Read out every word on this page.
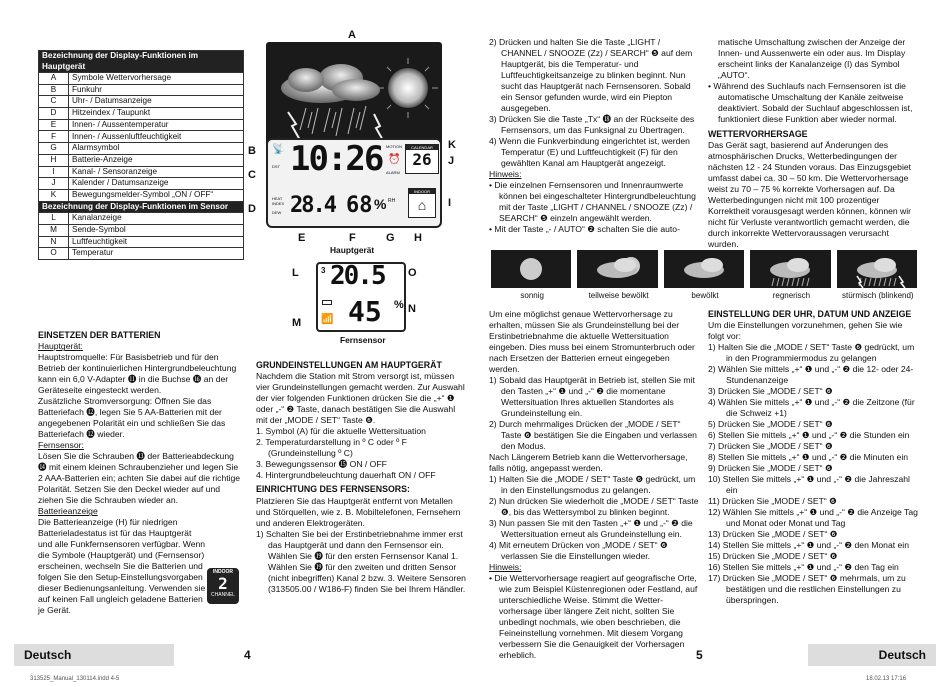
Bezeichnung der Display-Funktionen im Hauptgerät	
A	Symbole Wettervorhersage
B	Funkuhr
C	Uhr- / Datumsanzeige
D	Hitzeindex / Taupunkt
E	Innen- / Aussentemperatur
F	Innen- / Aussenluftfeuchtigkeit
G	Alarmsymbol
H	Batterie-Anzeige
I	Kanal- / Sensoranzeige
J	Kalender / Datumsanzeige
K	Bewegungsmelder-Symbol „ON / OFF“
Bezeichnung der Display-Funktionen im Sensor	
L	Kanalanzeige
M	Sende-Symbol
N	Luftfeuchtigkeit
O	Temperatur
A
📡
DST 10:26 MOTION
⏰
ALARM
CALENDAR
26
HEAT INDEX
DEW 28.4 68 % RH
INDOOR
⌂
B
C
D
K
J
I
E	F	G H
Hauptgerät
L	O
N
M
3 20.5
📶 45 %
Fernsensor
EINSETZEN DER BATTERIEN

Hauptgerät:

Hauptstromquelle: Für Basisbetrieb und für den Betrieb der kontinuierlichen Hintergrundbeleuchtung kann ein 6,0 V-Adapter ⓫ in die Buchse ⓰ an der Geräteseite eingesteckt werden.

Zusätzliche Stromversorgung: Öffnen Sie das Batteriefach ⓬, legen Sie 5 AA-Batterien mit der angegebenen Polarität ein und schließen Sie das Batteriefach ⓬ wieder.

Fernsensor:

Lösen Sie die Schrauben ⓭ der Batterieabdeckung ⓮ mit einem kleinen Schraubenzieher und legen Sie 2 AAA-Batterien ein; achten Sie dabei auf die richtige Polarität. Setzen Sie den Deckel wieder auf und ziehen Sie die Schrauben wieder an.

Batterieanzeige

Die Batterieanzeige (H) für niedrigen Batterieladestatus ist für das Hauptgerät und alle Funkfernsensoren verfügbar. Wenn die Symbole (Hauptgerät) und (Fernsensor) erscheinen, wechseln Sie die Batterien und folgen Sie den Setup-Einstellungsvorgaben dieser Bedienungsanleitung. Verwenden sie auf keinen Fall ungleich geladene Batterien je Gerät.

INDOOR
2
CHANNEL
GRUNDEINSTELLUNGEN AM HAUPTGERÄT

Nachdem die Station mit Strom versorgt ist, müssen vier Grundeinstellungen gemacht werden. Zur Auswahl der vier folgenden Funktionen drücken Sie die „+“ ❶ oder „-“ ❷ Taste, danach bestätigen Sie die Auswahl mit der „MODE / SET“ Taste ❻.

1. Symbol (A) für die aktuelle Wettersituation

2. Temperaturdarstellung in º C oder º F (Grundeinstellung º C)

3. Bewegungssensor ⓯ ON / OFF

4. Hintergrundbeleuchtung dauerhaft ON / OFF

EINRICHTUNG DES FERNSENSORS:

Platzieren Sie das Hauptgerät entfernt von Metallen und Störquellen, wie z. B. Mobiltelefonen, Fernsehern und anderen Elektrogeräten.

1) Schalten Sie bei der Erstinbetriebnahme immer erst das Hauptgerät und dann den Fernsensor ein. Wählen Sie ⓳ für den ersten Fernsensor Kanal 1. Wählen Sie ⓳ für den zweiten und dritten Sensor (nicht inbegriffen) Kanal 2 bzw. 3. Weitere Sensoren (313505.00 / W186-F) finden Sie bei Ihrem Händler.

Deutsch	4
313525_Manual_130114.indd 4-5

2) Drücken und halten Sie die Taste „LIGHT / CHANNEL / SNOOZE (Zz) / SEARCH“ ❺ auf dem Hauptgerät, bis die Temperatur- und Luftfeuchtigkeitsanzeige zu blinken beginnt. Nun sucht das Hauptgerät nach Fernsensoren. Sobald ein Sensor gefunden wurde, wird ein Piepton ausgegeben.

3) Drücken Sie die Taste „Tx“ ⓲ an der Rückseite des Fernsensors, um das Funksignal zu Übertragen.

4) Wenn die Funkverbindung eingerichtet ist, werden Temperatur (E) und Luftfeuchtigkeit (F) für den gewählten Kanal am Hauptgerät angezeigt.

Hinweis:

• Die einzelnen Fernsensoren und Innenraumwerte können bei eingeschalteter Hintergrundbeleuchtung mit der Taste „LIGHT / CHANNEL / SNOOZE (Zz) / SEARCH“ ❺ einzeln angewählt werden.

• Mit der Taste „- / AUTO“ ❷ schalten Sie die auto-

matische Umschaltung zwischen der Anzeige der Innen- und Aussenwerte ein oder aus. Im Display erscheint links der Kanalanzeige (I) das Symbol „AUTO“.

• Während des Suchlaufs nach Fernsensoren ist die automatische Umschaltung der Kanäle zeitweise deaktiviert. Sobald der Suchlauf abgeschlossen ist, funktioniert diese Funktion aber wieder normal.

WETTERVORHERSAGE

Das Gerät sagt, basierend auf Änderungen des atmosphärischen Drucks, Wetterbedingungen der nächsten 12 - 24 Stunden voraus. Das Einzugsgebiet umfasst dabei ca. 30 – 50 km. Die Wettervorhersage weist zu 70 – 75 % korrekte Vorhersagen auf. Da Wetterbedingungen nicht mit 100 prozentiger Korrektheit vorausgesagt werden können, können wir nicht für Verluste verantwortlich gemacht werden, die durch inkorrekte Wettervoraussagen verursacht wurden.

sonnig	teilweise bewölkt	bewölkt	regnerisch	stürmisch (blinkend)

Um eine möglichst genaue Wettervorhersage zu erhalten, müssen Sie als Grundeinstellung bei der Erstinbetriebnahme die aktuelle Wettersituation eingeben. Dies muss bei einem Stromunterbruch oder nach Ersetzen der Batterien erneut eingegeben werden.

1) Sobald das Hauptgerät in Betrieb ist, stellen Sie mit den Tasten „+“ ❶ und „-“ ❷ die momentane Wettersituation Ihres aktuellen Standortes als Grundeinstellung ein.

2) Durch mehrmaliges Drücken der „MODE / SET“ Taste ❻ bestätigen Sie die Eingaben und verlassen den Modus.

Nach Längerem Betrieb kann die Wettervorhersage, falls nötig, angepasst werden.

1) Halten Sie die „MODE / SET“ Taste ❻ gedrückt, um in den Einstellungsmodus zu gelangen.

2) Nun drücken Sie wiederholt die „MODE / SET“ Taste ❻, bis das Wettersymbol zu blinken beginnt.

3) Nun passen Sie mit den Tasten „+“ ❶ und „-“ ❷ die Wettersituation erneut als Grundeinstellung ein.

4) Mit erneutem Drücken von „MODE / SET“ ❻ verlassen Sie die Einstellungen wieder.

Hinweis:

• Die Wettervorhersage reagiert auf geografische Orte, wie zum Beispiel Küstenregionen oder Festland, auf unterschiedliche Weise. Stimmt die Wetter- vorhersage über längere Zeit nicht, sollten Sie unbedingt nochmals, wie oben beschrieben, die Feineinstellung vornehmen. Mit diesem Vorgang verbessern Sie die Genauigkeit der Vorhersagen erheblich.

EINSTELLUNG DER UHR, DATUM UND ANZEIGE

Um die Einstellungen vorzunehmen, gehen Sie wie folgt vor:

1) Halten Sie die „MODE / SET“ Taste ❻ gedrückt, um in den Programmiermodus zu gelangen

2) Wählen Sie mittels „+“ ❶ und „-“ ❷ die 12- oder 24-Stundenanzeige

3) Drücken Sie „MODE / SET“ ❻

4) Wählen Sie mittels „+“ ❶ und „-“ ❷ die Zeitzone (für die Schweiz +1)

5) Drücken Sie „MODE / SET“ ❻

6) Stellen Sie mittels „+“ ❶ und „-“ ❷ die Stunden ein

7) Drücken Sie „MODE / SET“ ❻

8) Stellen Sie mittels „+“ ❶ und „-“ ❷ die Minuten ein

9) Drücken Sie „MODE / SET“ ❻

10) Stellen Sie mittels „+“ ❶ und „-“ ❷ die Jahreszahl ein

11) Drücken Sie „MODE / SET“ ❻

12) Wählen Sie mittels „+“ ❶ und „-“ ❷ die Anzeige Tag und Monat oder Monat und Tag

13) Drücken Sie „MODE / SET“ ❻

14) Stellen Sie mittels „+“ ❶ und „-“ ❷ den Monat ein

15) Drücken Sie „MODE / SET“ ❻

16) Stellen Sie mittels „+“ ❶ und „-“ ❷ den Tag ein

17) Drücken Sie „MODE / SET“ ❻ mehrmals, um zu bestätigen und die restlichen Einstellungen zu überspringen.

5	Deutsch
18.02.13 17:16
